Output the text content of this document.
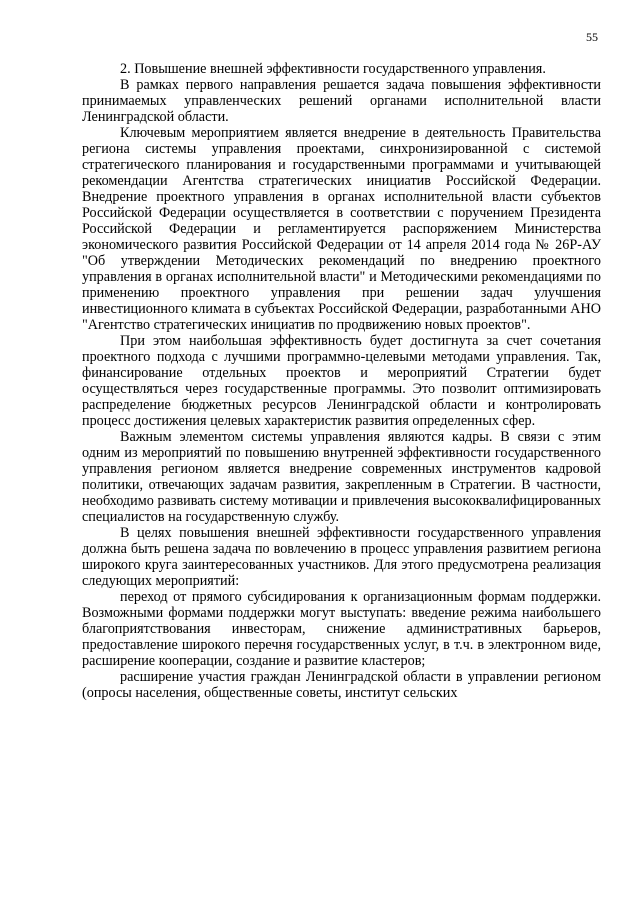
55

2. Повышение внешней эффективности государственного управления.

В рамках первого направления решается задача повышения эффективности принимаемых управленческих решений органами исполнительной власти Ленинградской области.

Ключевым мероприятием является внедрение в деятельность Правительства региона системы управления проектами, синхронизированной с системой стратегического планирования и государственными программами и учитывающей рекомендации Агентства стратегических инициатив Российской Федерации. Внедрение проектного управления в органах исполнительной власти субъектов Российской Федерации осуществляется в соответствии с поручением Президента Российской Федерации и регламентируется распоряжением Министерства экономического развития Российской Федерации от 14 апреля 2014 года № 26Р-АУ "Об утверждении Методических рекомендаций по внедрению проектного управления в органах исполнительной власти" и Методическими рекомендациями по применению проектного управления при решении задач улучшения инвестиционного климата в субъектах Российской Федерации, разработанными АНО "Агентство стратегических инициатив по продвижению новых проектов".

При этом наибольшая эффективность будет достигнута за счет сочетания проектного подхода с лучшими программно-целевыми методами управления. Так, финансирование отдельных проектов и мероприятий Стратегии будет осуществляться через государственные программы. Это позволит оптимизировать распределение бюджетных ресурсов Ленинградской области и контролировать процесс достижения целевых характеристик развития определенных сфер.

Важным элементом системы управления являются кадры. В связи с этим одним из мероприятий по повышению внутренней эффективности государственного управления регионом является внедрение современных инструментов кадровой политики, отвечающих задачам развития, закрепленным в Стратегии. В частности, необходимо развивать систему мотивации и привлечения высококвалифицированных специалистов на государственную службу.

В целях повышения внешней эффективности государственного управления должна быть решена задача по вовлечению в процесс управления развитием региона широкого круга заинтересованных участников. Для этого предусмотрена реализация следующих мероприятий:

переход от прямого субсидирования к организационным формам поддержки. Возможными формами поддержки могут выступать: введение режима наибольшего благоприятствования инвесторам, снижение административных барьеров, предоставление широкого перечня государственных услуг, в т.ч. в электронном виде, расширение кооперации, создание и развитие кластеров;

расширение участия граждан Ленинградской области в управлении регионом (опросы населения, общественные советы, институт сельских
